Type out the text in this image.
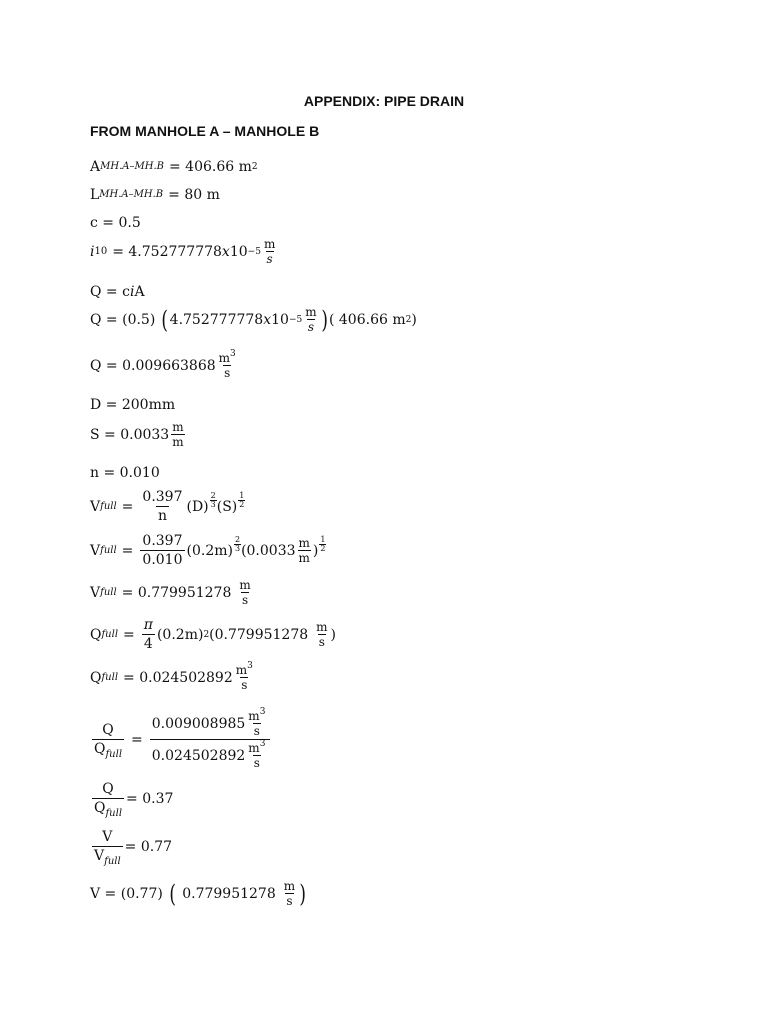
APPENDIX: PIPE DRAIN
FROM MANHOLE A – MANHOLE B
A MH.A–MH.B = 406.66 m 2
L MH.A–MH.B = 80 m
c = 0.5
i 10 = 4.752777778 x $10 -5 \frac{m}{s}$
Q = c i A
Q = (0.5) ( 4.752777778 x $10 -5 \frac{m}{s}$ ) ( 406.66 m 2 )
$Q = 0.009663868 \frac{m^3}{s}$
D = 200mm
$S = 0.0033 \frac{m}{m}$
n = 0.010
V full = $\frac{0.397}{n} (D)$
2
3 (S)
1
2
V full = $\frac{0.397}{0.010} (0.2m)$
2
3 ($0.0033 \frac{m}{m}$ )
1
2
V full = $0.779951278 \frac{m}{s}$
Q full = $\frac{\pi}{4} (0.2m)$ 2 ($0.779951278 \frac{m}{s}$ )
Q full = $0.024502892 \frac{m^3}{s}$
$\frac{Q}{Q_{full}} = \frac{0.009008985 \frac{m^3}{s}}{0.024502892 \frac{m^3}{s}}$
$\frac{Q}{Q_{full}} = 0.37$
$\frac{V}{V_{full}} = 0.77$
V = (0.77) ( $0.779951278 \frac{m}{s}$ )
